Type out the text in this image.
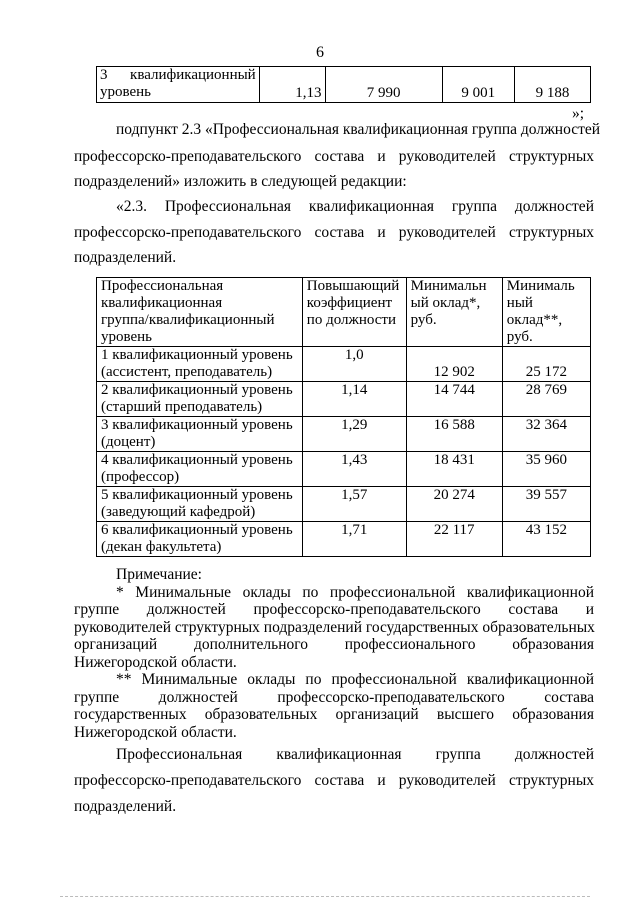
6
3 квалификационный
уровень	1,13	7 990	9 001	9 188
»;
подпункт 2.3 «Профессиональная квалификационная группа должностей
профессорско-преподавательского состава и руководителей структурных
подразделений» изложить в следующей редакции:
«2.3. Профессиональная квалификационная группа должностей
профессорско-преподавательского состава и руководителей структурных
подразделений.
Профессиональная
квалификационная
группа/квалификационный
уровень	Повышающий
коэффициент
по должности	Минимальн
ый оклад*,
руб.	Минималь
ный
оклад**,
руб.

1 квалификационный уровень
(ассистент, преподаватель)	1,0	12 902	25 172

2 квалификационный уровень
(старший преподаватель)	1,14	14 744	28 769

3 квалификационный уровень
(доцент)	1,29	16 588	32 364

4 квалификационный уровень
(профессор)	1,43	18 431	35 960

5 квалификационный уровень
(заведующий кафедрой)	1,57	20 274	39 557

6 квалификационный уровень
(декан факультета)	1,71	22 117	43 152
Примечание:
* Минимальные оклады по профессиональной квалификационной
группе должностей профессорско-преподавательского состава и
руководителей структурных подразделений государственных образовательных
организаций дополнительного профессионального образования
Нижегородской области.
** Минимальные оклады по профессиональной квалификационной
группе должностей профессорско-преподавательского состава
государственных образовательных организаций высшего образования
Нижегородской области.
Профессиональная квалификационная группа должностей
профессорско-преподавательского состава и руководителей структурных
подразделений.
